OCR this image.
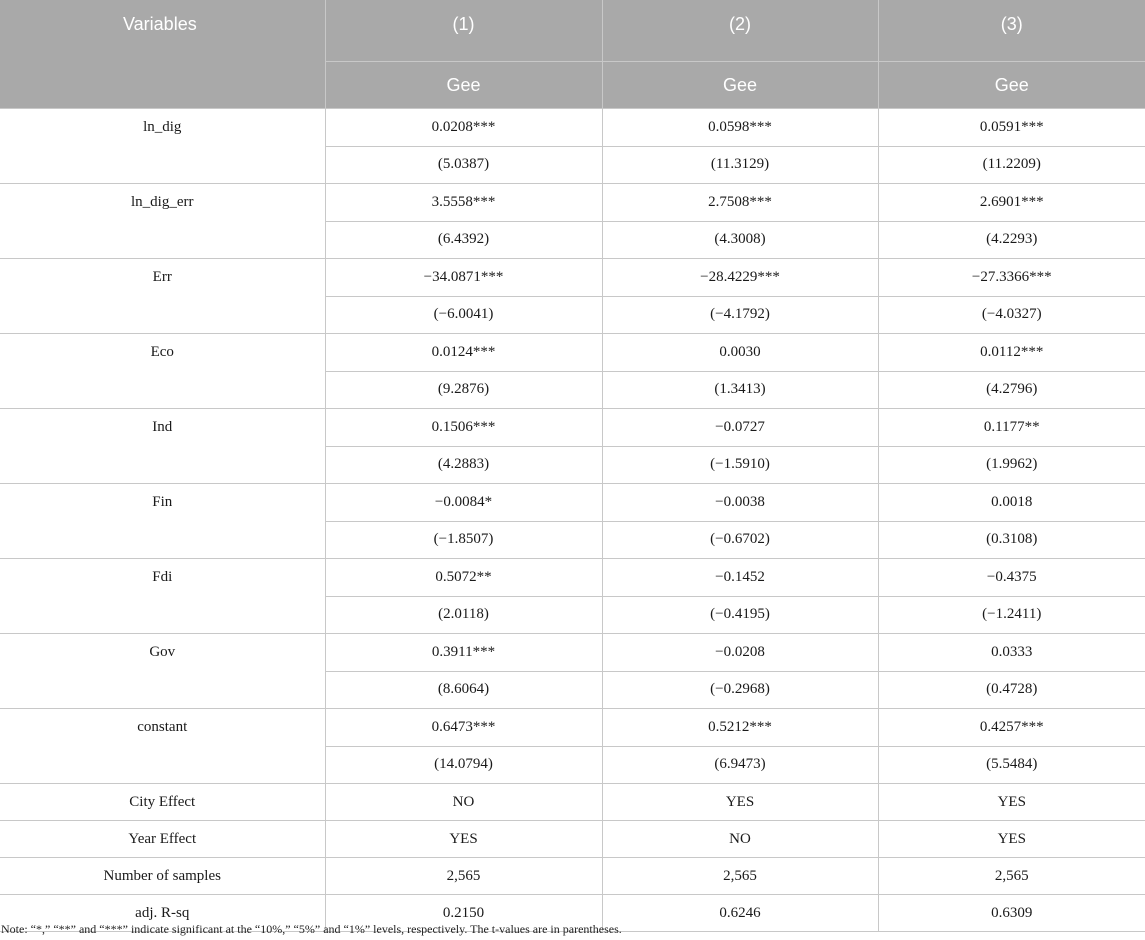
Variables	(1)	(2)	(3)
	Gee	Gee	Gee
ln_dig	0.0208***	0.0598***	0.0591***
	(5.0387)	(11.3129)	(11.2209)
ln_dig_err	3.5558***	2.7508***	2.6901***
	(6.4392)	(4.3008)	(4.2293)
Err	−34.0871***	−28.4229***	−27.3366***
	(−6.0041)	(−4.1792)	(−4.0327)
Eco	0.0124***	0.0030	0.0112***
	(9.2876)	(1.3413)	(4.2796)
Ind	0.1506***	−0.0727	0.1177**
	(4.2883)	(−1.5910)	(1.9962)
Fin	−0.0084*	−0.0038	0.0018
	(−1.8507)	(−0.6702)	(0.3108)
Fdi	0.5072**	−0.1452	−0.4375
	(2.0118)	(−0.4195)	(−1.2411)
Gov	0.3911***	−0.0208	0.0333
	(8.6064)	(−0.2968)	(0.4728)
constant	0.6473***	0.5212***	0.4257***
	(14.0794)	(6.9473)	(5.5484)
City Effect	NO	YES	YES
Year Effect	YES	NO	YES
Number of samples	2,565	2,565	2,565
adj. R-sq	0.2150	0.6246	0.6309
Note: “*,” “**” and “***” indicate significant at the “10%,” “5%” and “1%” levels, respectively. The t-values are in parentheses.
